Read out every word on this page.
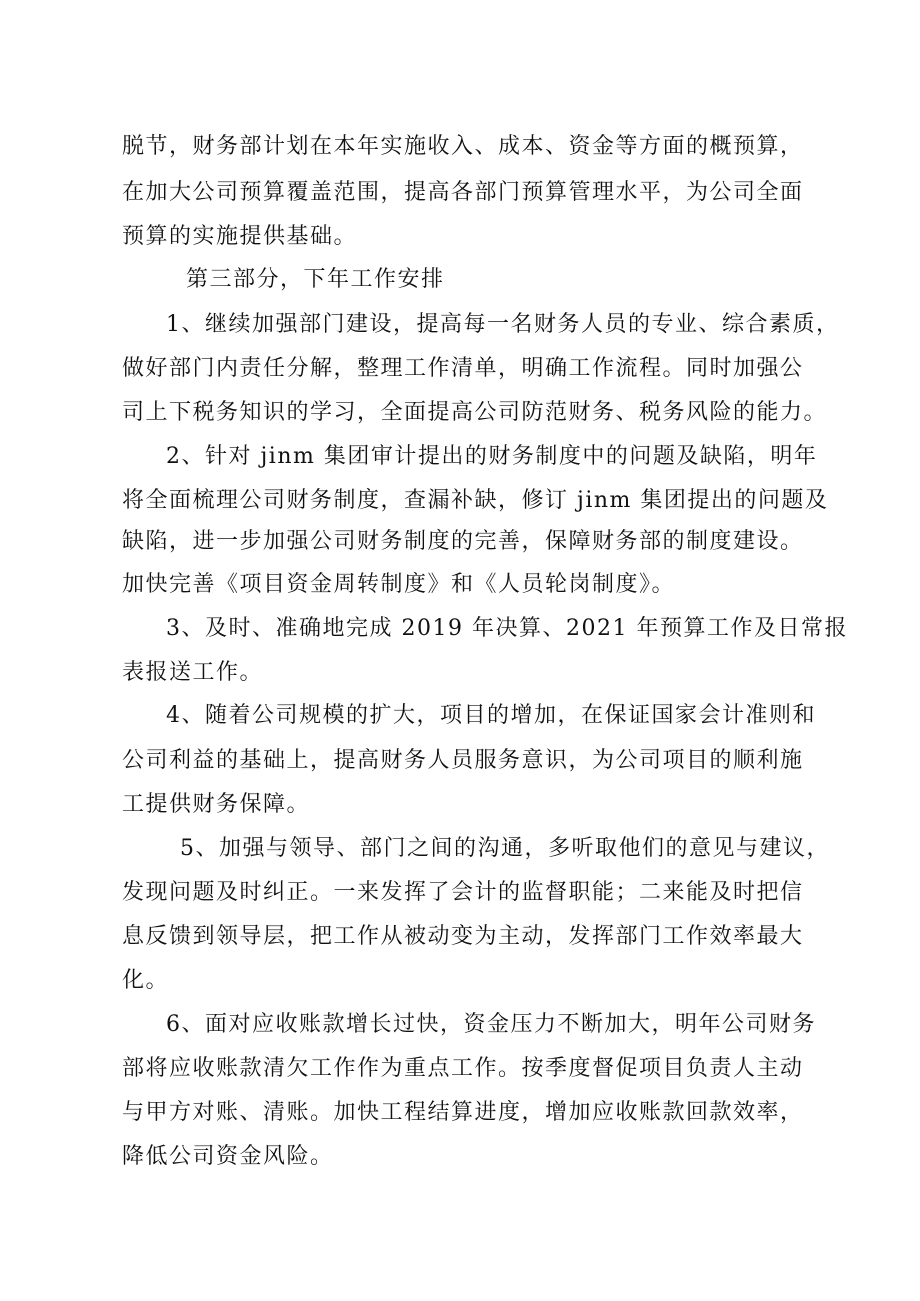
脱节，财务部计划在本年实施收入、成本、资金等方面的概预算，
在加大公司预算覆盖范围，提高各部门预算管理水平，为公司全面
预算的实施提供基础。
第三部分，下年工作安排
1、继续加强部门建设，提高每一名财务人员的专业、综合素质，
做好部门内责任分解，整理工作清单，明确工作流程。同时加强公
司上下税务知识的学习，全面提高公司防范财务、税务风险的能力。
2、针对 jinm 集团审计提出的财务制度中的问题及缺陷，明年
将全面梳理公司财务制度，查漏补缺，修订 jinm 集团提出的问题及
缺陷，进一步加强公司财务制度的完善，保障财务部的制度建设。
加快完善《项目资金周转制度》和《人员轮岗制度》。
3、及时、准确地完成 2019 年决算、2021 年预算工作及日常报
表报送工作。
4、随着公司规模的扩大，项目的增加，在保证国家会计准则和
公司利益的基础上，提高财务人员服务意识，为公司项目的顺利施
工提供财务保障。
5、加强与领导、部门之间的沟通，多听取他们的意见与建议，
发现问题及时纠正。一来发挥了会计的监督职能；二来能及时把信
息反馈到领导层，把工作从被动变为主动，发挥部门工作效率最大
化。
6、面对应收账款增长过快，资金压力不断加大，明年公司财务
部将应收账款清欠工作作为重点工作。按季度督促项目负责人主动
与甲方对账、清账。加快工程结算进度，增加应收账款回款效率，
降低公司资金风险。
